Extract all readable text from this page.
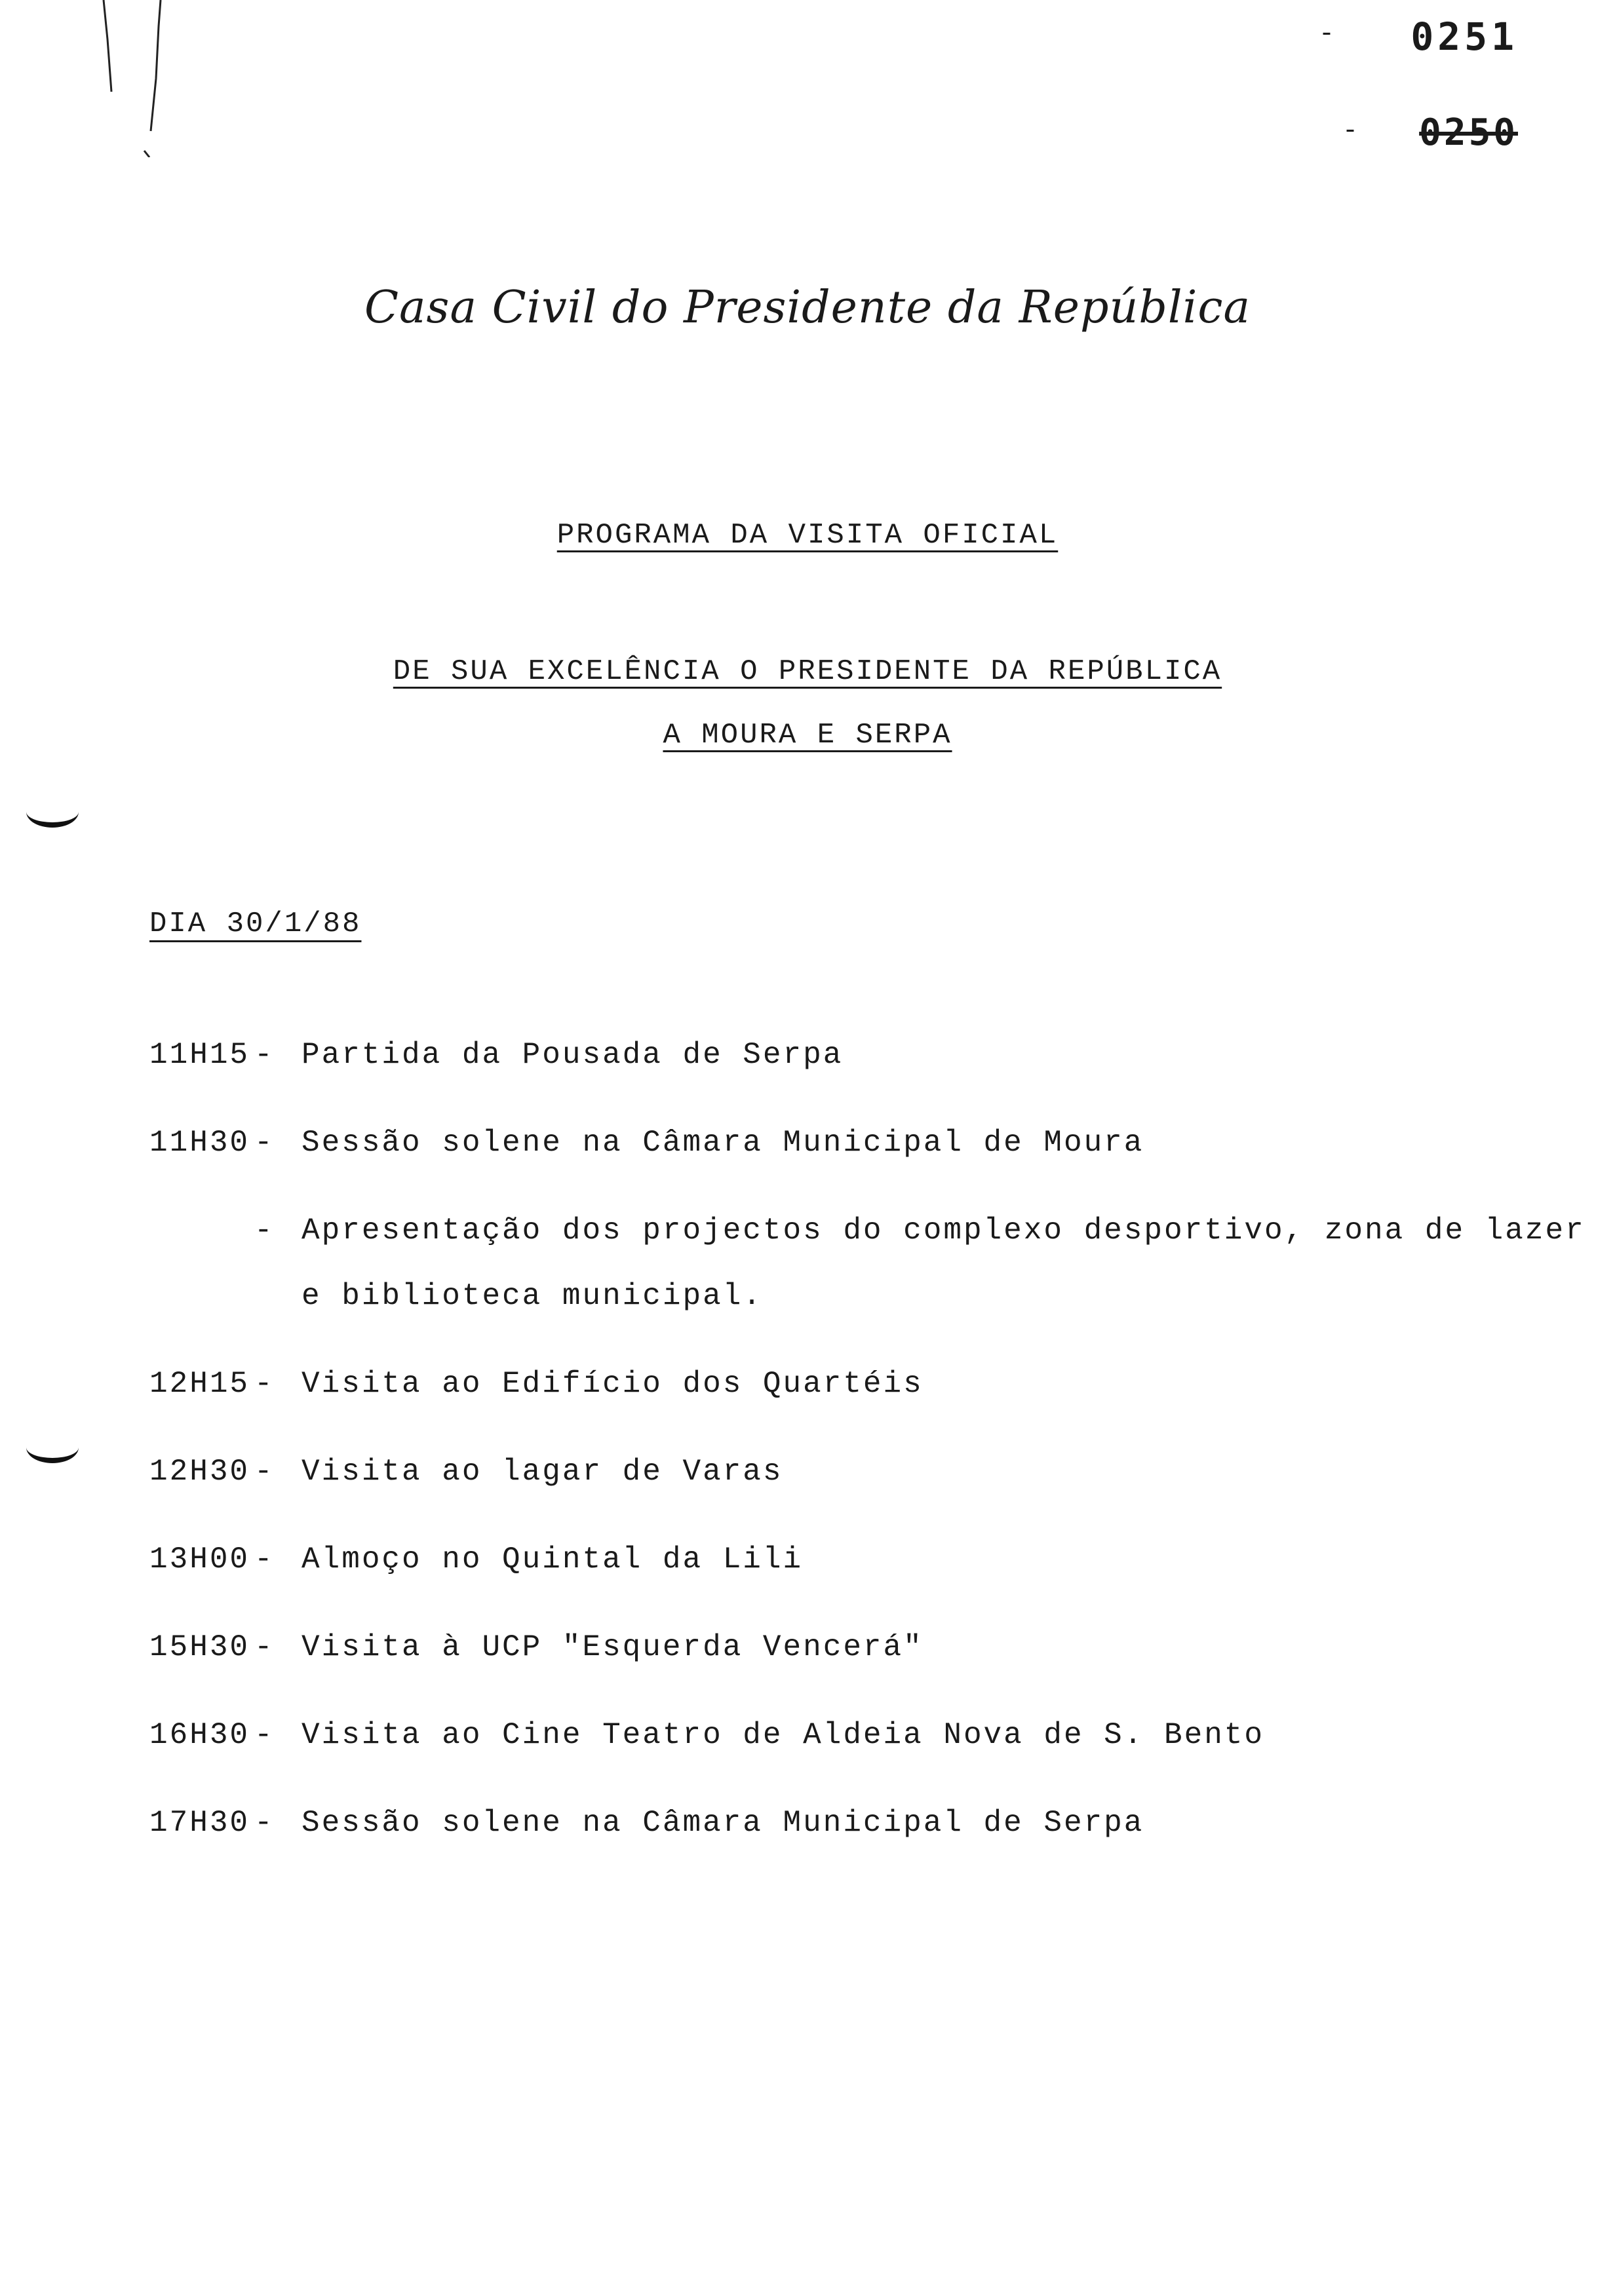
- 0251
- 0250
Casa Civil do Presidente da República
PROGRAMA DA VISITA OFICIAL
DE SUA EXCELÊNCIA O PRESIDENTE DA REPÚBLICA
A MOURA E SERPA
DIA 30/1/88
11H15 - Partida da Pousada de Serpa
11H30 - Sessão solene na Câmara Municipal de Moura
- Apresentação dos projectos do complexo desportivo, zona de lazer e biblioteca municipal.
12H15 - Visita ao Edifício dos Quartéis
12H30 - Visita ao lagar de Varas
13H00 - Almoço no Quintal da Lili
15H30 - Visita à UCP "Esquerda Vencerá"
16H30 - Visita ao Cine Teatro de Aldeia Nova de S. Bento
17H30 - Sessão solene na Câmara Municipal de Serpa
